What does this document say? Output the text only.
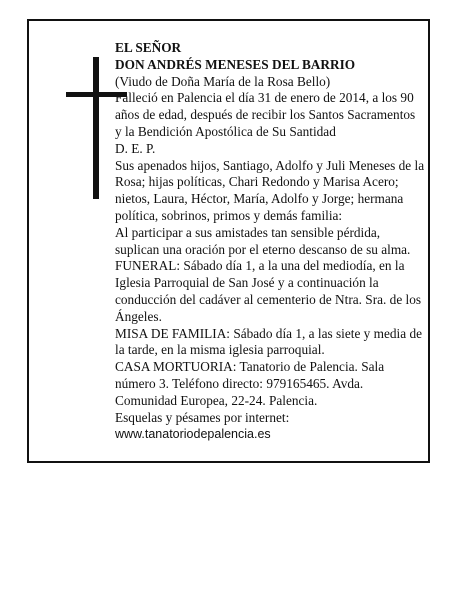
EL SEÑOR

DON ANDRÉS MENESES DEL BARRIO

(Viudo de Doña María de la Rosa Bello)

Falleció en Palencia el día 31 de enero de 2014, a los 90 años de edad, después de recibir los Santos Sacramentos y la Bendición Apostólica de Su Santidad

D. E. P.

Sus apenados hijos, Santiago, Adolfo y Juli Meneses de la Rosa; hijas políticas, Chari Redondo y Marisa Acero; nietos, Laura, Héctor, María, Adolfo y Jorge; hermana política, sobrinos, primos y demás familia:

Al participar a sus amistades tan sensible pérdida, suplican una oración por el eterno descanso de su alma.

FUNERAL: Sábado día 1, a la una del mediodía, en la Iglesia Parroquial de San José y a continuación la conducción del cadáver al cementerio de Ntra. Sra. de los Ángeles.

MISA DE FAMILIA: Sábado día 1, a las siete y media de la tarde, en la misma iglesia parroquial.

CASA MORTUORIA: Tanatorio de Palencia. Sala número 3. Teléfono directo: 979165465. Avda. Comunidad Europea, 22-24. Palencia.

Esquelas y pésames por internet:

www.tanatoriodepalencia.es
